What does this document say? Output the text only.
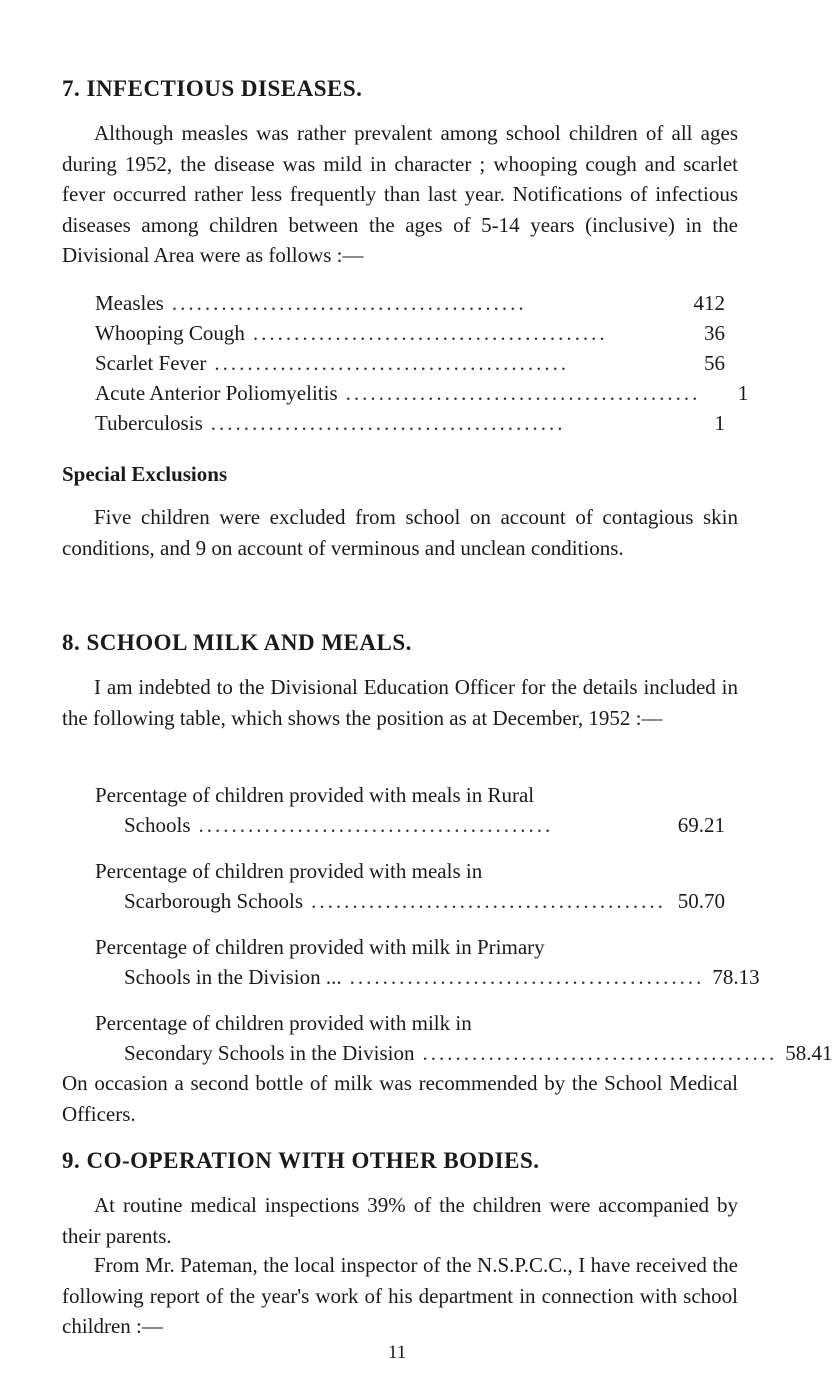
7. INFECTIOUS DISEASES.
Although measles was rather prevalent among school children of all ages during 1952, the disease was mild in character ; whooping cough and scarlet fever occurred rather less frequently than last year. Notifications of infectious diseases among children between the ages of 5-14 years (inclusive) in the Divisional Area were as follows :—
Measles ...........................................	412
Whooping Cough ...........................................	36
Scarlet Fever ...........................................	56
Acute Anterior Poliomyelitis ...........................................	1
Tuberculosis ...........................................	1
Special Exclusions
Five children were excluded from school on account of contagious skin conditions, and 9 on account of verminous and unclean conditions.
8. SCHOOL MILK AND MEALS.
I am indebted to the Divisional Education Officer for the details included in the following table, which shows the position as at December, 1952 :—
Percentage of children provided with meals in Rural
Schools ...........................................	69.21
Percentage of children provided with meals in
Scarborough Schools ........................................... 50.70
Percentage of children provided with milk in Primary
Schools in the Division ... ........................................... 78.13
Percentage of children provided with milk in
Secondary Schools in the Division ........................................... 58.41
On occasion a second bottle of milk was recommended by the School Medical Officers.
9. CO-OPERATION WITH OTHER BODIES.
At routine medical inspections 39% of the children were accompanied by their parents.
From Mr. Pateman, the local inspector of the N.S.P.C.C., I have received the following report of the year's work of his department in connection with school children :—
11
